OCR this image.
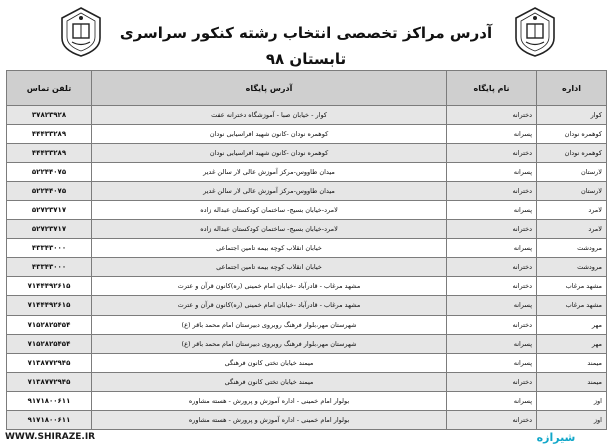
آدرس مراکز تخصصی انتخاب رشته کنکور سراسری تابستان ۹۸
اداره	نام پایگاه	آدرس پایگاه	تلفن تماس
کوار	دخترانه	کوار - خیابان صبا - آموزشگاه دخترانه عفت	۳۷۸۲۳۹۲۸
کوهمره نودان	پسرانه	کوهمره نودان -کانون شهید افراسیابی نودان	۴۴۴۳۳۲۸۹
کوهمره نودان	دخترانه	کوهمره نودان -کانون شهید افراسیابی نودان	۴۴۴۳۳۲۸۹
لارستان	پسرانه	میدان طاووس-مرکز آموزش عالی لار سالن غدیر	۵۲۲۴۴۰۷۵
لارستان	دخترانه	میدان طاووس-مرکز آموزش عالی لار سالن غدیر	۵۲۲۴۴۰۷۵
لامرد	پسرانه	لامرد-خیابان بسیج- ساختمان کودکستان عبداله زاده	۵۲۷۲۳۷۱۷
لامرد	دخترانه	لامرد-خیابان بسیج- ساختمان کودکستان عبداله زاده	۵۲۷۲۳۷۱۷
مرودشت	پسرانه	خیابان انقلاب کوچه بیمه تامین اجتماعی	۴۳۳۴۳۰۰۰
مرودشت	دخترانه	خیابان انقلاب کوچه بیمه تامین اجتماعی	۴۳۳۴۳۰۰۰
مشهد مرغاب	دخترانه	مشهد مرغاب - قادرآباد -خیابان امام خمینی (ره)کانون قرآن و عترت	۷۱۴۴۴۹۲۶۱۵
مشهد مرغاب	پسرانه	مشهد مرغاب - قادرآباد -خیابان امام خمینی (ره)کانون قرآن و عترت	۷۱۴۴۴۹۲۶۱۵
مهر	دخترانه	شهرستان مهر،بلوار فرهنگ روبروی دبیرستان امام محمد باقر (ع)	۷۱۵۲۸۲۵۴۵۴
مهر	پسرانه	شهرستان مهر،بلوار فرهنگ روبروی دبیرستان امام محمد باقر (ع)	۷۱۵۲۸۲۵۴۵۴
میمند	پسرانه	میمند خیابان تختی کانون فرهنگی	۷۱۳۸۷۷۲۹۴۵
میمند	دخترانه	میمند خیابان تختی کانون فرهنگی	۷۱۳۸۷۷۲۹۴۵
اوز	پسرانه	بولوار امام خمینی - اداره آموزش و پرورش - هسته مشاوره	۹۱۷۱۸۰۰۶۱۱
اوز	دخترانه	بولوار امام خمینی - اداره آموزش و پرورش - هسته مشاوره	۹۱۷۱۸۰۰۶۱۱
WWW.SHIRAZE.IR	شیرازه
